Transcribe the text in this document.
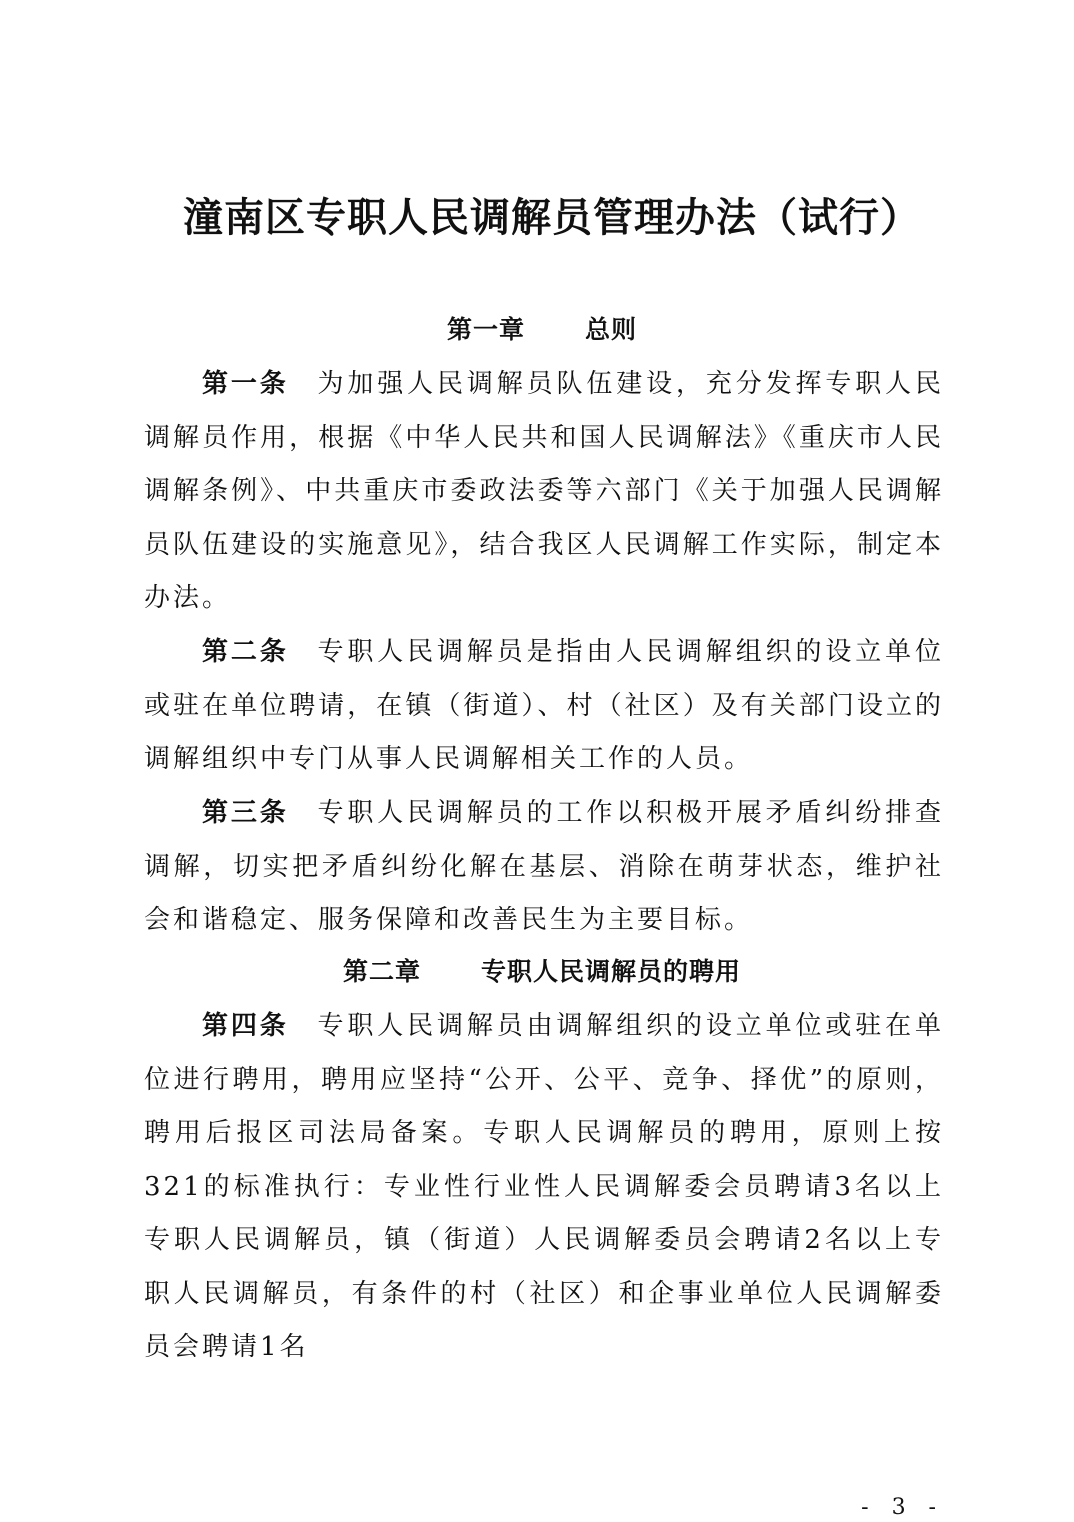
潼南区专职人民调解员管理办法（试行）
第一章 总则

第一条 为加强人民调解员队伍建设，充分发挥专职人民调解员作用，根据《中华人民共和国人民调解法》《重庆市人民调解条例》、中共重庆市委政法委等六部门《关于加强人民调解员队伍建设的实施意见》，结合我区人民调解工作实际，制定本办法。

第二条 专职人民调解员是指由人民调解组织的设立单位或驻在单位聘请，在镇（街道）、村（社区）及有关部门设立的调解组织中专门从事人民调解相关工作的人员。

第三条 专职人民调解员的工作以积极开展矛盾纠纷排查调解，切实把矛盾纠纷化解在基层、消除在萌芽状态，维护社会和谐稳定、服务保障和改善民生为主要目标。

第二章 专职人民调解员的聘用

第四条 专职人民调解员由调解组织的设立单位或驻在单位进行聘用，聘用应坚持“公开、公平、竞争、择优”的原则，聘用后报区司法局备案。专职人民调解员的聘用，原则上按321的标准执行：专业性行业性人民调解委会员聘请3名以上专职人民调解员，镇（街道）人民调解委员会聘请2名以上专职人民调解员，有条件的村（社区）和企事业单位人民调解委员会聘请1名

- 3 -
